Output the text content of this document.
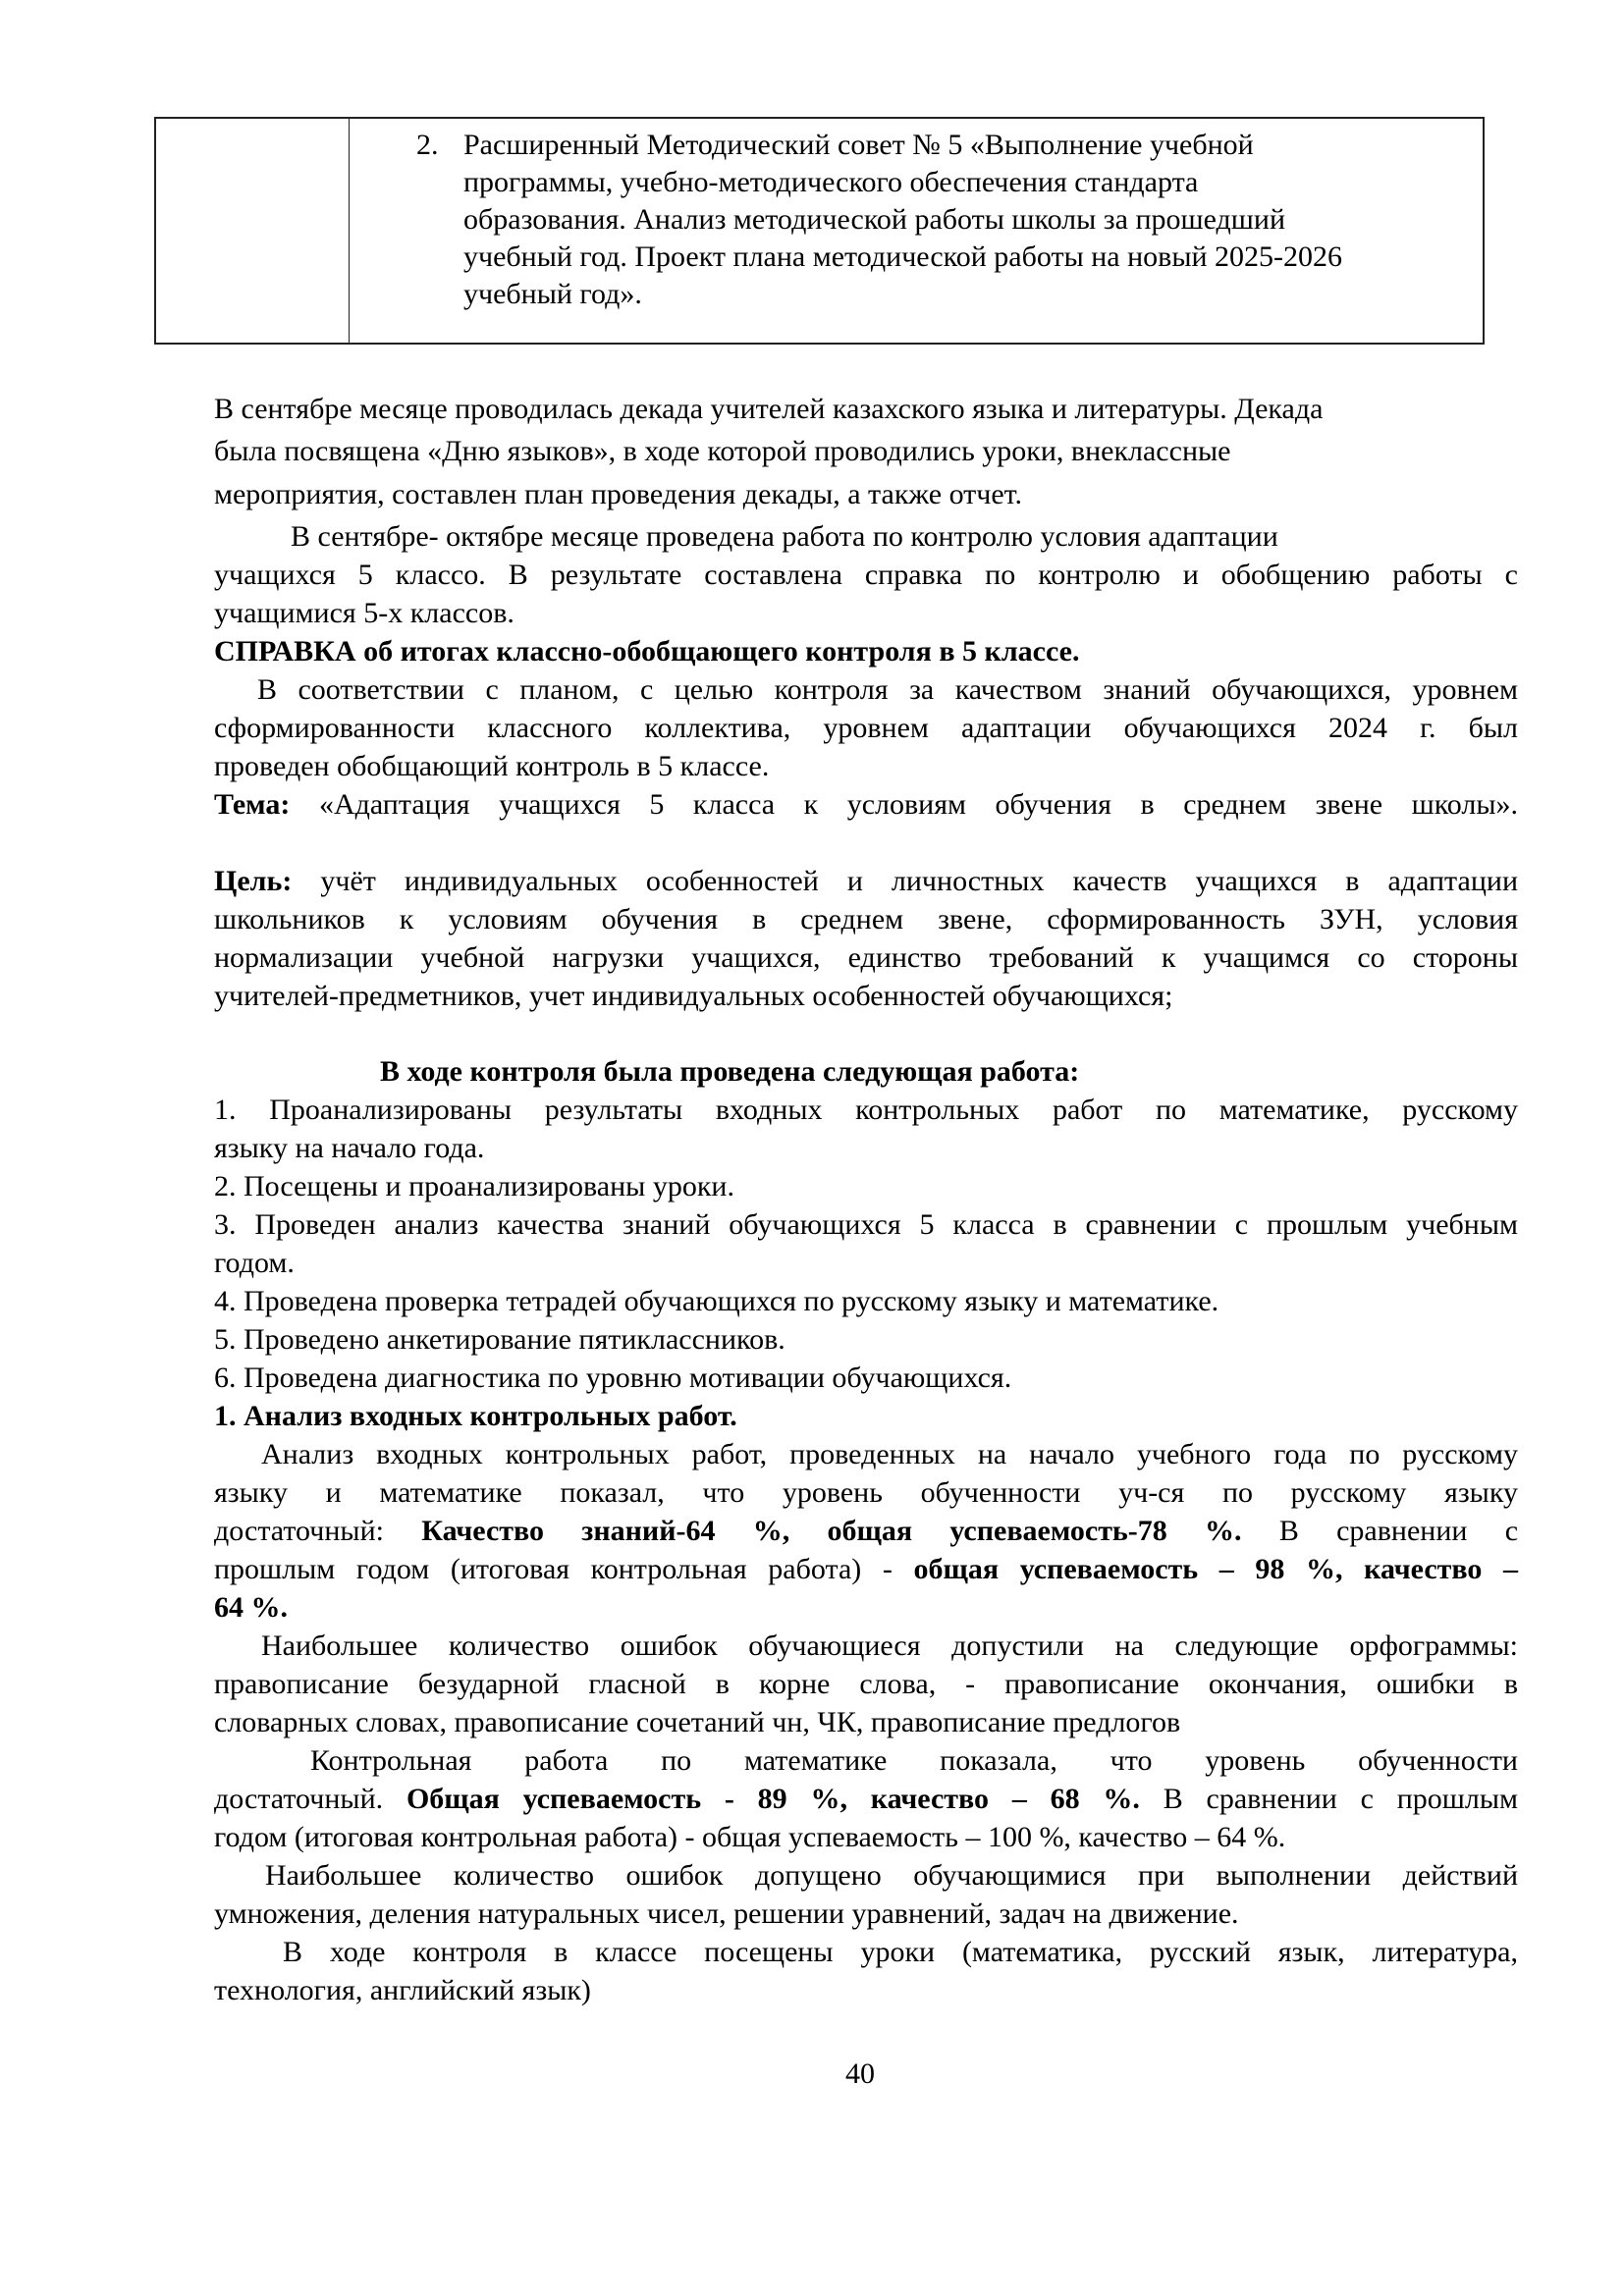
2. Расширенный Методический совет № 5 «Выполнение учебной
программы, учебно-методического обеспечения стандарта
образования. Анализ методической работы школы за прошедший
учебный год. Проект плана методической работы на новый 2025-2026
учебный год».
В сентябре месяце проводилась декада учителей казахского языка и литературы. Декада
была посвящена «Дню языков», в ходе которой проводились уроки, внеклассные
мероприятия, составлен план проведения декады, а также отчет.
В сентябре- октябре месяце проведена работа по контролю условия адаптации
учащихся 5 классо. В результате составлена справка по контролю и обобщению работы с
учащимися 5-х классов.
СПРАВКА об итогах классно-обобщающего контроля в 5 классе.
В соответствии с планом, с целью контроля за качеством знаний обучающихся, уровнем
сформированности классного коллектива, уровнем адаптации обучающихся 2024 г. был
проведен обобщающий контроль в 5 классе.
Тема: «Адаптация учащихся 5 класса к условиям обучения в среднем звене школы».
Цель: учёт индивидуальных особенностей и личностных качеств учащихся в адаптации
школьников к условиям обучения в среднем звене, сформированность ЗУН, условия
нормализации учебной нагрузки учащихся, единство требований к учащимся со стороны
учителей-предметников, учет индивидуальных особенностей обучающихся;
В ходе контроля была проведена следующая работа:
1. Проанализированы результаты входных контрольных работ по математике, русскому
языку на начало года.
2. Посещены и проанализированы уроки.
3. Проведен анализ качества знаний обучающихся 5 класса в сравнении с прошлым учебным
годом.
4. Проведена проверка тетрадей обучающихся по русскому языку и математике.
5. Проведено анкетирование пятиклассников.
6. Проведена диагностика по уровню мотивации обучающихся.
1. Анализ входных контрольных работ.
Анализ входных контрольных работ, проведенных на начало учебного года по русскому
языку и математике показал, что уровень обученности уч-ся по русскому языку
достаточный: Качество знаний-64 %, общая успеваемость-78 %. В сравнении с
прошлым годом (итоговая контрольная работа) - общая успеваемость – 98 %, качество –
64 %.
Наибольшее количество ошибок обучающиеся допустили на следующие орфограммы:
правописание безударной гласной в корне слова, - правописание окончания, ошибки в
словарных словах, правописание сочетаний чн, ЧК, правописание предлогов
Контрольная работа по математике показала, что уровень обученности
достаточный. Общая успеваемость - 89 %, качество – 68 %. В сравнении с прошлым
годом (итоговая контрольная работа) - общая успеваемость – 100 %, качество – 64 %.
Наибольшее количество ошибок допущено обучающимися при выполнении действий
умножения, деления натуральных чисел, решении уравнений, задач на движение.
В ходе контроля в классе посещены уроки (математика, русский язык, литература,
технология, английский язык)
40
